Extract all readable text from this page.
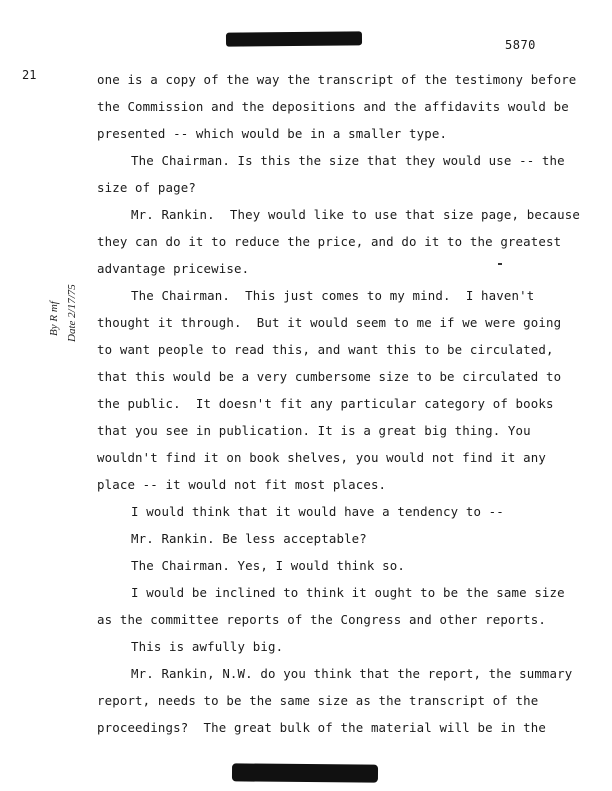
5870
21
By R mf
Date 2/17/75
one is a copy of the way the transcript of the testimony before
the Commission and the depositions and the affidavits would be
presented -- which would be in a smaller type.
The Chairman. Is this the size that they would use -- the
size of page?
Mr. Rankin.  They would like to use that size page, because
they can do it to reduce the price, and do it to the greatest
advantage pricewise.
The Chairman.  This just comes to my mind.  I haven't
thought it through.  But it would seem to me if we were going
to want people to read this, and want this to be circulated,
that this would be a very cumbersome size to be circulated to
the public.  It doesn't fit any particular category of books
that you see in publication. It is a great big thing. You
wouldn't find it on book shelves, you would not find it any
place -- it would not fit most places.
I would think that it would have a tendency to --
Mr. Rankin. Be less acceptable?
The Chairman. Yes, I would think so.
I would be inclined to think it ought to be the same size
as the committee reports of the Congress and other reports.
This is awfully big.
Mr. Rankin, N.W. do you think that the report, the summary
report, needs to be the same size as the transcript of the
proceedings?  The great bulk of the material will be in the
